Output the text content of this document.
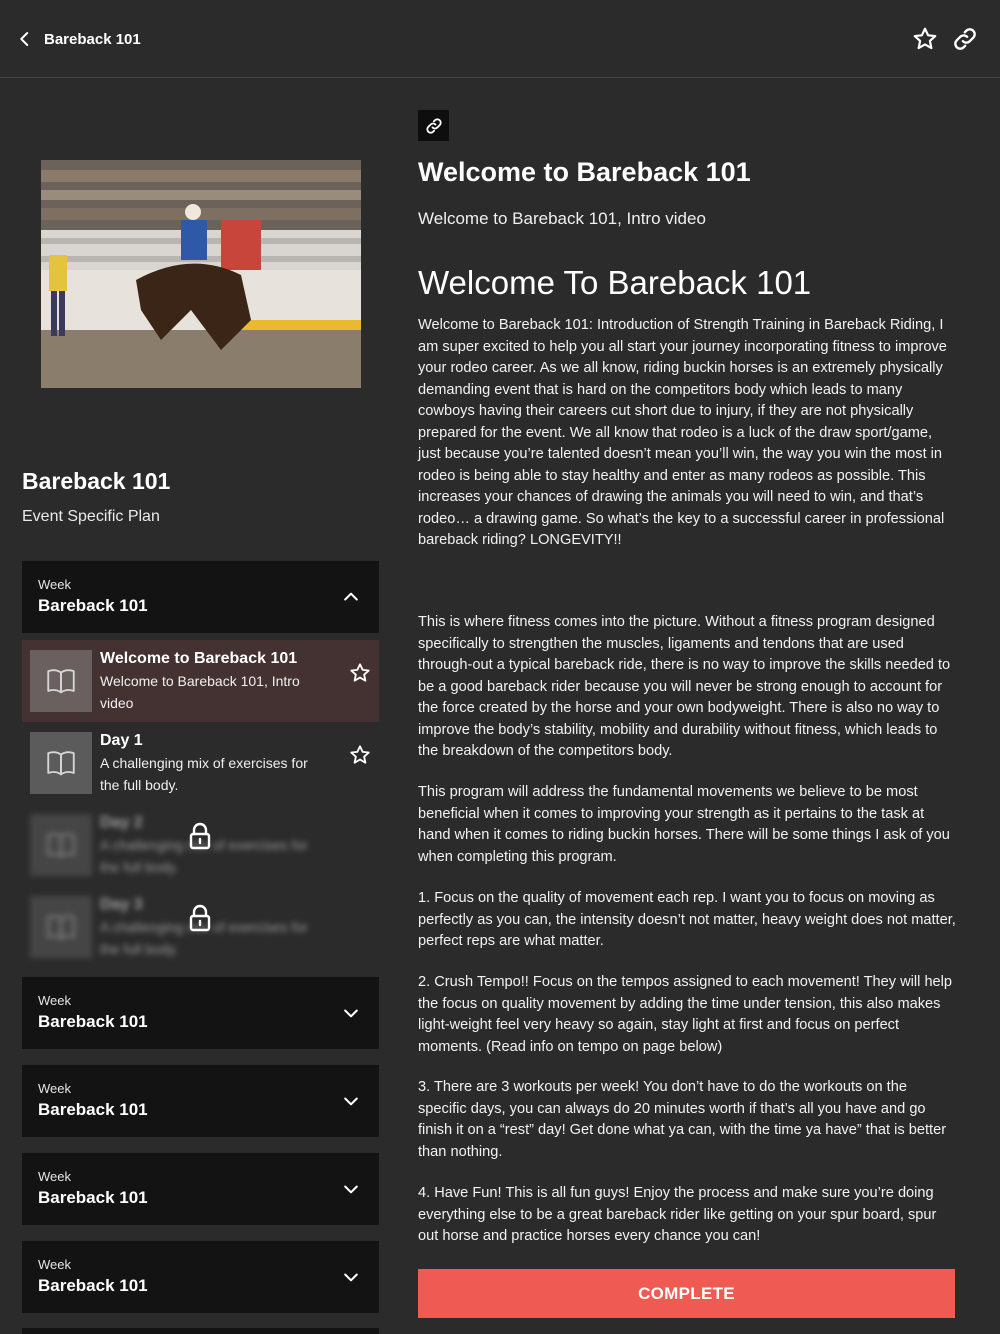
Bareback 101
Bareback 101
Event Specific Plan
Week
Bareback 101
Welcome to Bareback 101
Welcome to Bareback 101, Intro video
Day 1
A challenging mix of exercises for the full body.
Day 2
A challenging mix of exercises for the full body.
Day 3
A challenging mix of exercises for the full body.
Week
Bareback 101
Week
Bareback 101
Week
Bareback 101
Week
Bareback 101
Welcome to Bareback 101
Welcome to Bareback 101, Intro video
Welcome To Bareback 101

Welcome to Bareback 101: Introduction of Strength Training in Bareback Riding, I am super excited to help you all start your journey incorporating fitness to improve your rodeo career. As we all know, riding buckin horses is an extremely physically demanding event that is hard on the competitors body which leads to many cowboys having their careers cut short due to injury, if they are not physically prepared for the event. We all know that rodeo is a luck of the draw sport/game, just because you’re talented doesn’t mean you’ll win, the way you win the most in rodeo is being able to stay healthy and enter as many rodeos as possible. This increases your chances of drawing the animals you will need to win, and that’s rodeo… a drawing game. So what’s the key to a successful career in professional bareback riding? LONGEVITY!!

This is where fitness comes into the picture. Without a fitness program designed specifically to strengthen the muscles, ligaments and tendons that are used through-out a typical bareback ride, there is no way to improve the skills needed to be a good bareback rider because you will never be strong enough to account for the force created by the horse and your own bodyweight. There is also no way to improve the body’s stability, mobility and durability without fitness, which leads to the breakdown of the competitors body.

This program will address the fundamental movements we believe to be most beneficial when it comes to improving your strength as it pertains to the task at hand when it comes to riding buckin horses. There will be some things I ask of you when completing this program.

1. Focus on the quality of movement each rep. I want you to focus on moving as perfectly as you can, the intensity doesn’t not matter, heavy weight does not matter, perfect reps are what matter.

2. Crush Tempo!! Focus on the tempos assigned to each movement! They will help the focus on quality movement by adding the time under tension, this also makes light-weight feel very heavy so again, stay light at first and focus on perfect moments. (Read info on tempo on page below)

3. There are 3 workouts per week! You don’t have to do the workouts on the specific days, you can always do 20 minutes worth if that’s all you have and go finish it on a “rest” day! Get done what ya can, with the time ya have” that is better than nothing.

4. Have Fun! This is all fun guys! Enjoy the process and make sure you’re doing everything else to be a great bareback rider like getting on your spur board, spur out horse and practice horses every chance you can!

COMPLETE
